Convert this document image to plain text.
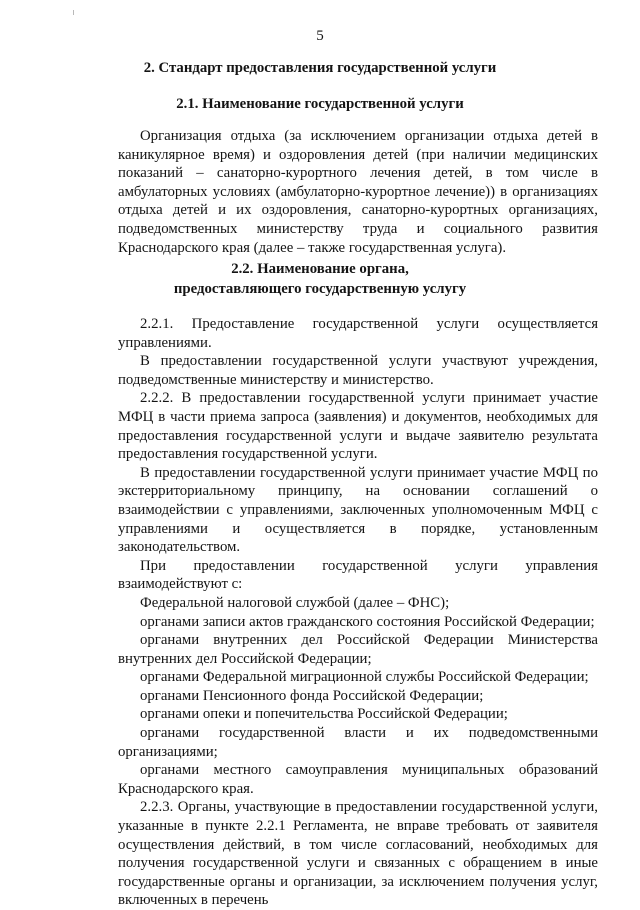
5
2. Стандарт предоставления государственной услуги
2.1. Наименование государственной услуги

Организация отдыха (за исключением организации отдыха детей в каникулярное время) и оздоровления детей (при наличии медицинских показаний – санаторно-курортного лечения детей, в том числе в амбулаторных условиях (амбулаторно-курортное лечение)) в организациях отдыха детей и их оздоровления, санаторно-курортных организациях, подведомственных министерству труда и социального развития Краснодарского края (далее – также государственная услуга).

2.2. Наименование органа,
предоставляющего государственную услугу

2.2.1. Предоставление государственной услуги осуществляется управлениями.

В предоставлении государственной услуги участвуют учреждения, подведомственные министерству и министерство.

2.2.2. В предоставлении государственной услуги принимает участие МФЦ в части приема запроса (заявления) и документов, необходимых для предоставления государственной услуги и выдаче заявителю результата предоставления государственной услуги.

В предоставлении государственной услуги принимает участие МФЦ по экстерриториальному принципу, на основании соглашений о взаимодействии с управлениями, заключенных уполномоченным МФЦ с управлениями и осуществляется в порядке, установленным законодательством.

При предоставлении государственной услуги управления взаимодействуют с:

Федеральной налоговой службой (далее – ФНС);

органами записи актов гражданского состояния Российской Федерации;

органами внутренних дел Российской Федерации Министерства внутренних дел Российской Федерации;

органами Федеральной миграционной службы Российской Федерации;

органами Пенсионного фонда Российской Федерации;

органами опеки и попечительства Российской Федерации;

органами государственной власти и их подведомственными организациями;

органами местного самоуправления муниципальных образований Краснодарского края.

2.2.3. Органы, участвующие в предоставлении государственной услуги, указанные в пункте 2.2.1 Регламента, не вправе требовать от заявителя осуществления действий, в том числе согласований, необходимых для получения государственной услуги и связанных с обращением в иные государственные органы и организации, за исключением получения услуг, включенных в перечень
